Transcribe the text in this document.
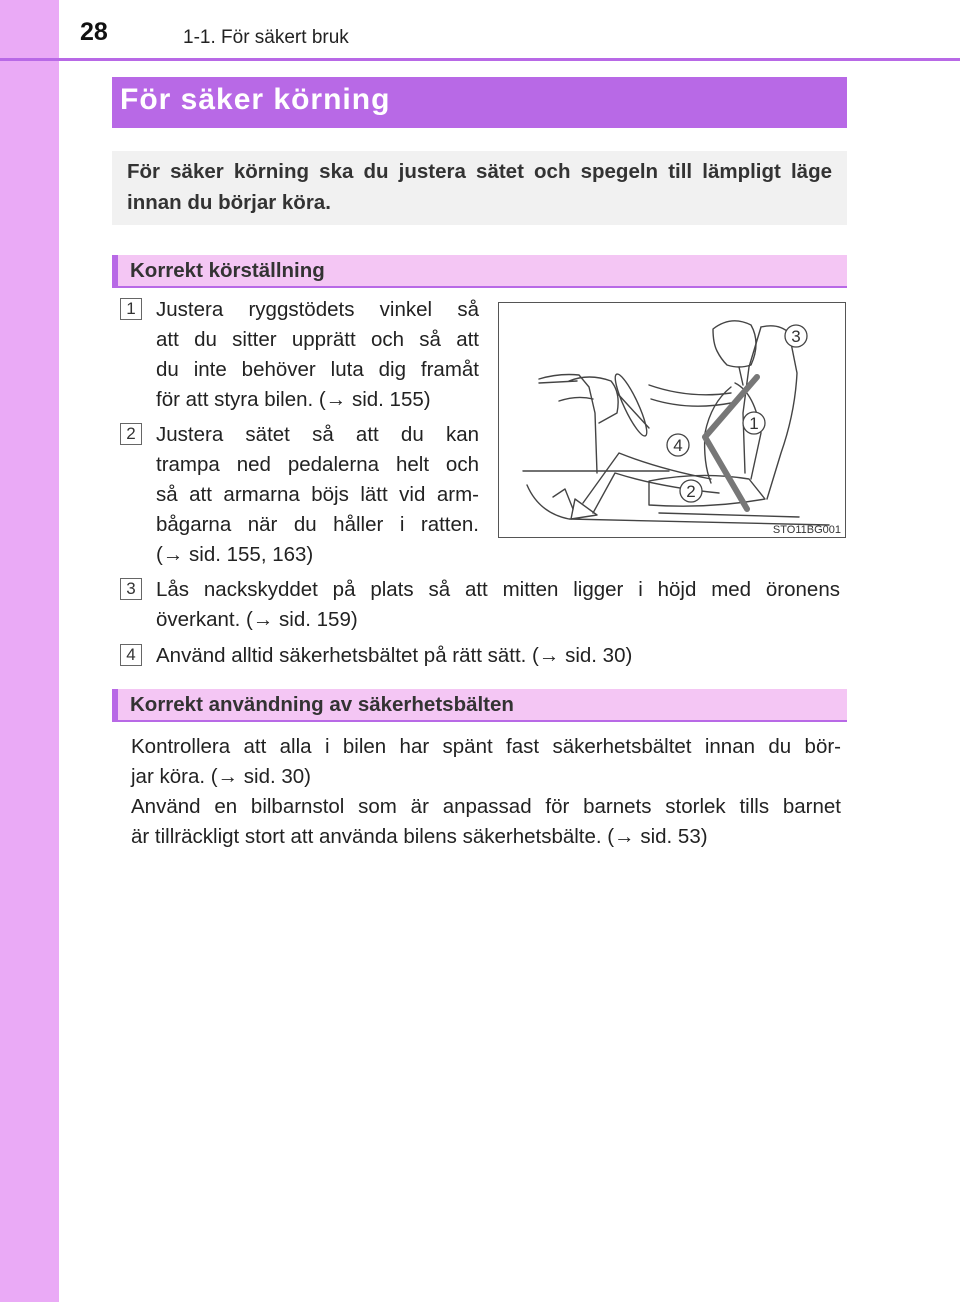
28	1-1. För säkert bruk
För säker körning
För säker körning ska du justera sätet och spegeln till lämpligt läge innan du börjar köra.
Korrekt körställning
1 Justera ryggstödets vinkel så
att du sitter upprätt och så att
du inte behöver luta dig framåt
för att styra bilen. (→ sid. 155)
2 Justera sätet så att du kan
trampa ned pedalerna helt och
så att armarna böjs lätt vid arm-
bågarna när du håller i ratten.
(→ sid. 155, 163)
3 Lås nackskyddet på plats så att mitten ligger i höjd med öronens
överkant. (→ sid. 159)
4 Använd alltid säkerhetsbältet på rätt sätt. (→ sid. 30)
3
1
4
2
STO11BG001
Korrekt användning av säkerhetsbälten
Kontrollera att alla i bilen har spänt fast säkerhetsbältet innan du bör-
jar köra. (→ sid. 30)
Använd en bilbarnstol som är anpassad för barnets storlek tills barnet
är tillräckligt stort att använda bilens säkerhetsbälte. (→ sid. 53)
